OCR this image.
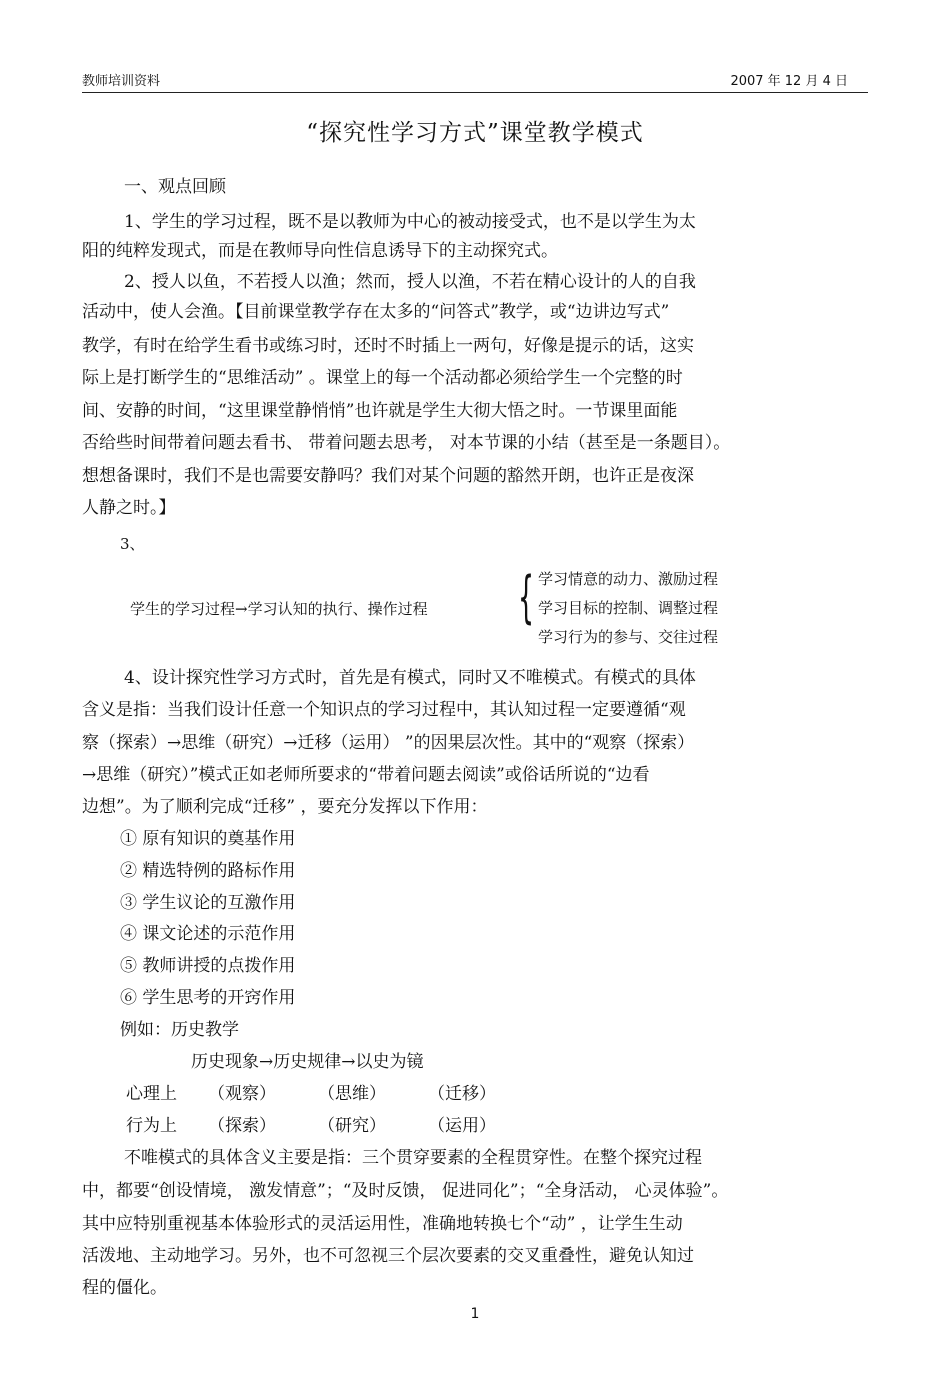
教师培训资料	2007 年 12 月 4 日
“探究性学习方式”课堂教学模式
一、观点回顾
1、学生的学习过程，既不是以教师为中心的被动接受式，也不是以学生为太
阳的纯粹发现式，而是在教师导向性信息诱导下的主动探究式。
2、授人以鱼，不若授人以渔；然而，授人以渔，不若在精心设计的人的自我
活动中，使人会渔。【目前课堂教学存在太多的“问答式”教学，或“边讲边写式”
教学，有时在给学生看书或练习时，还时不时插上一两句，好像是提示的话，这实
际上是打断学生的“思维活动” 。课堂上的每一个活动都必须给学生一个完整的时
间、安静的时间，“这里课堂静悄悄”也许就是学生大彻大悟之时。一节课里面能
否给些时间带着问题去看书、 带着问题去思考， 对本节课的小结（甚至是一条题目）。
想想备课时，我们不是也需要安静吗？我们对某个问题的豁然开朗，也许正是夜深
人静之时。】
3、
学生的学习过程→学习认知的执行、操作过程 { 学习情意的动力、激励过程
学习目标的控制、调整过程
学习行为的参与、交往过程
4、设计探究性学习方式时，首先是有模式，同时又不唯模式。有模式的具体
含义是指：当我们设计任意一个知识点的学习过程中，其认知过程一定要遵循“观
察（探索）→思维（研究）→迁移（运用） ”的因果层次性。其中的“观察（探索）
→思维（研究）”模式正如老师所要求的“带着问题去阅读”或俗话所说的“边看
边想”。为了顺利完成“迁移” ，要充分发挥以下作用：
① 原有知识的奠基作用
② 精选特例的路标作用
③ 学生议论的互激作用
④ 课文论述的示范作用
⑤ 教师讲授的点拨作用
⑥ 学生思考的开窍作用
例如：历史教学
历史现象→历史规律→以史为镜
心理上 （观察） （思维） （迁移）
行为上 （探索） （研究） （运用）
不唯模式的具体含义主要是指：三个贯穿要素的全程贯穿性。在整个探究过程
中，都要“创设情境， 激发情意”；“及时反馈， 促进同化”；“全身活动， 心灵体验”。
其中应特别重视基本体验形式的灵活运用性，准确地转换七个“动” ，让学生生动
活泼地、主动地学习。另外，也不可忽视三个层次要素的交叉重叠性，避免认知过
程的僵化。
1
